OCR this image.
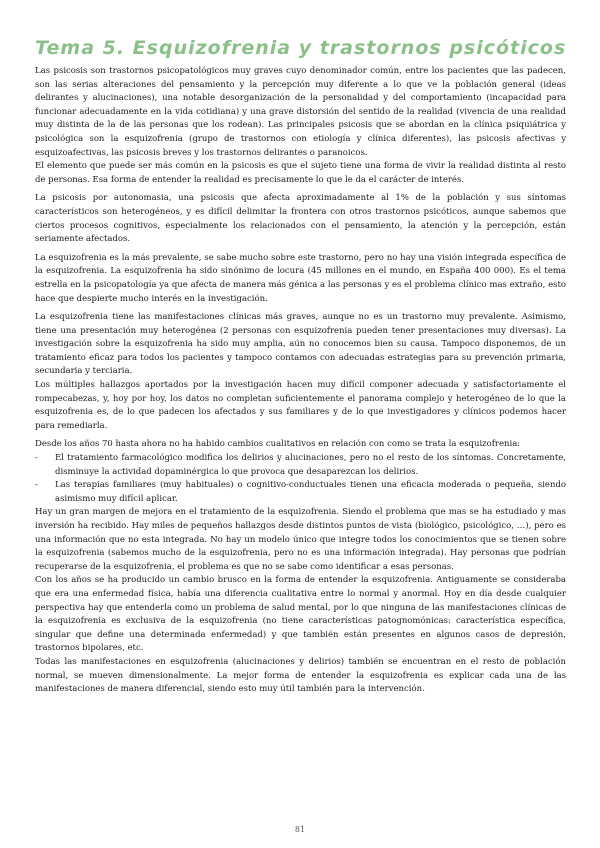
Tema 5. Esquizofrenia y trastornos psicóticos

Las psicosis son trastornos psicopatológicos muy graves cuyo denominador común, entre los pacientes que las padecen, son las serias alteraciones del pensamiento y la percepción muy diferente a lo que ve la población general (ideas delirantes y alucinaciones), una notable desorganización de la personalidad y del comportamiento (incapacidad para funcionar adecuadamente en la vida cotidiana) y una grave distorsión del sentido de la realidad (vivencia de una realidad muy distinta de la de las personas que los rodean). Las principales psicosis que se abordan en la clínica psiquiátrica y psicológica son la esquizofrenia (grupo de trastornos con etiología y clínica diferentes), las psicosis afectivas y esquizoafectivas, las psicosis breves y los trastornos delirantes o paranoicos.

El elemento que puede ser más común en la psicosis es que el sujeto tiene una forma de vivir la realidad distinta al resto de personas. Esa forma de entender la realidad es precisamente lo que le da el carácter de interés.

La psicosis por autonomasia, una psicosis que afecta aproximadamente al 1% de la población y sus síntomas característicos son heterogéneos, y es difícil delimitar la frontera con otros trastornos psicóticos, aunque sabemos que ciertos procesos cognitivos, especialmente los relacionados con el pensamiento, la atención y la percepción, están seriamente afectados.

La esquizofrenia es la más prevalente, se sabe mucho sobre este trastorno, pero no hay una visión integrada específica de la esquizofrenia. La esquizofrenia ha sido sinónimo de locura (45 millones en el mundo, en España 400 000). Es el tema estrella en la psicopatología ya que afecta de manera más génica a las personas y es el problema clínico mas extraño, esto hace que despierte mucho interés en la investigación.

La esquizofrenia tiene las manifestaciones clínicas más graves, aunque no es un trastorno muy prevalente. Asimismo, tiene una presentación muy heterogénea (2 personas con esquizofrenia pueden tener presentaciones muy diversas). La investigación sobre la esquizofrenia ha sido muy amplia, aún no conocemos bien su causa. Tampoco disponemos, de un tratamiento eficaz para todos los pacientes y tampoco contamos con adecuadas estrategias para su prevención primaria, secundaria y terciaria.

Los múltiples hallazgos aportados por la investigación hacen muy difícil componer adecuada y satisfactoriamente el rompecabezas, y, hoy por hoy, los datos no completan suficientemente el panorama complejo y heterogéneo de lo que la esquizofrenia es, de lo que padecen los afectados y sus familiares y de lo que investigadores y clínicos podemos hacer para remediarla.

Desde los años 70 hasta ahora no ha habido cambios cualitativos en relación con como se trata la esquizofrenia:

- El tratamiento farmacológico modifica los delirios y alucinaciones, pero no el resto de los síntomas. Concretamente, disminuye la actividad dopaminérgica lo que provoca que desaparezcan los delirios.
- Las terapias familiares (muy habituales) o cognitivo-conductuales tienen una eficacia moderada o pequeña, siendo asimismo muy difícil aplicar.

Hay un gran margen de mejora en el tratamiento de la esquizofrenia. Siendo el problema que mas se ha estudiado y mas inversión ha recibido. Hay miles de pequeños hallazgos desde distintos puntos de vista (biológico, psicológico, …), pero es una información que no esta integrada. No hay un modelo único que integre todos los conocimientos que se tienen sobre la esquizofrenia (sabemos mucho de la esquizofrenia, pero no es una información integrada). Hay personas que podrían recuperarse de la esquizofrenia, el problema es que no se sabe como identificar a esas personas.

Con los años se ha producido un cambio brusco en la forma de entender la esquizofrenia. Antiguamente se consideraba que era una enfermedad física, había una diferencia cualitativa entre lo normal y anormal. Hoy en día desde cualquier perspectiva hay que entenderla como un problema de salud mental, por lo que ninguna de las manifestaciones clínicas de la esquizofrenia es exclusiva de la esquizofrenia (no tiene características patognomónicas: característica específica, singular que define una determinada enfermedad) y que también están presentes en algunos casos de depresión, trastornos bipolares, etc.

Todas las manifestaciones en esquizofrenia (alucinaciones y delirios) también se encuentran en el resto de población normal, se mueven dimensionalmente. La mejor forma de entender la esquizofrenia es explicar cada una de las manifestaciones de manera diferencial, siendo esto muy útil también para la intervención.

81
